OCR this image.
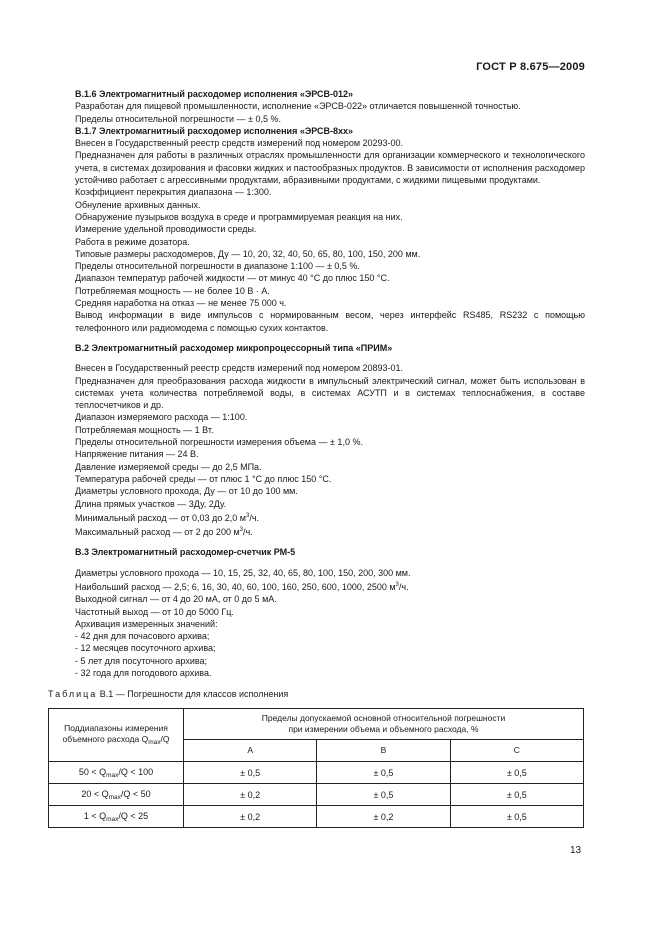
ГОСТ Р 8.675—2009

В.1.6 Электромагнитный расходомер исполнения «ЭРСВ-012»

Разработан для пищевой промышленности, исполнение «ЭРСВ-022» отличается повышенной точностью.

Пределы относительной погрешности — ± 0,5 %.

В.1.7 Электромагнитный расходомер исполнения «ЭРСВ-8хх»

Внесен в Государственный реестр средств измерений под номером 20293-00.

Предназначен для работы в различных отраслях промышленности для организации коммерческого и технологического учета, в системах дозирования и фасовки жидких и пастообразных продуктов. В зависимости от исполнения расходомер устойчиво работает с агрессивными продуктами, абразивными продуктами, с жидкими пищевыми продуктами.

Коэффициент перекрытия диапазона — 1:300.

Обнуление архивных данных.

Обнаружение пузырьков воздуха в среде и программируемая реакция на них.

Измерение удельной проводимости среды.

Работа в режиме дозатора.

Типовые размеры расходомеров, Ду — 10, 20, 32, 40, 50, 65, 80, 100, 150, 200 мм.

Пределы относительной погрешности в диапазоне 1:100 — ± 0,5 %.

Диапазон температур рабочей жидкости — от минус 40 °С до плюс 150 °С.

Потребляемая мощность — не более 10 В · А.

Средняя наработка на отказ — не менее 75 000 ч.

Вывод информации в виде импульсов с нормированным весом, через интерфейс RS485, RS232 с помощью телефонного или радиомодема с помощью сухих контактов.

В.2 Электромагнитный расходомер микропроцессорный типа «ПРИМ»

Внесен в Государственный реестр средств измерений под номером 20893-01.

Предназначен для преобразования расхода жидкости в импульсный электрический сигнал, может быть использован в системах учета количества потребляемой воды, в системах АСУТП и в системах теплоснабжения, в составе теплосчетчиков и др.

Диапазон измеряемого расхода — 1:100.

Потребляемая мощность — 1 Вт.

Пределы относительной погрешности измерения объема — ± 1,0 %.

Напряжение питания — 24 В.

Давление измеряемой среды — до 2,5 МПа.

Температура рабочей среды — от плюс 1 °С до плюс 150 °С.

Диаметры условного прохода, Ду — от 10 до 100 мм.

Длина прямых участков — 3Ду, 2Ду.

Минимальный расход — от 0,03 до 2,0 $м^3/ч$.

Максимальный расход — от 2 до 200 $м^3/ч$.

В.3 Электромагнитный расходомер-счетчик РМ-5

Диаметры условного прохода — 10, 15, 25, 32, 40, 65, 80, 100, 150, 200, 300 мм.

Наибольший расход — 2,5; 6, 16, 30, 40, 60, 100, 160, 250, 600, 1000, 2500 $м^3/ч$.

Выходной сигнал — от 4 до 20 мА, от 0 до 5 мА.

Частотный выход — от 10 до 5000 Гц.

Архивация измеренных значений:

- 42 дня для почасового архива;

- 12 месяцев посуточного архива;

- 5 лет для посуточного архива;

- 32 года для погодового архива.

Таблица В.1 — Погрешности для классов исполнения
Поддиапазоны измерения
объемного расхода $Q_{max}/Q$	Пределы допускаемой основной относительной погрешности
при измерении объема и объемного расхода, %		
	А	В	С
$50 < Q_{max}/Q < 100$	± 0,5	± 0,5	± 0,5
$20 < Q_{max}/Q < 50$	± 0,2	± 0,5	± 0,5
$1 < Q_{max}/Q < 25$	± 0,2	± 0,2	± 0,5
13
